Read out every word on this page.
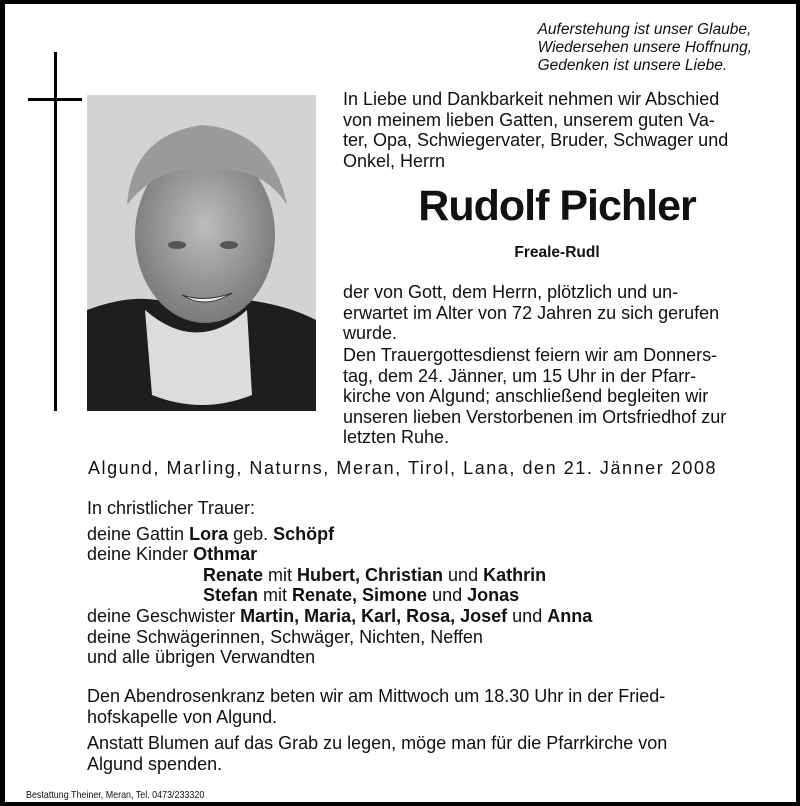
Auferstehung ist unser Glaube,
Wiedersehen unsere Hoffnung,
Gedenken ist unsere Liebe.
In Liebe und Dankbarkeit nehmen wir Abschied
von meinem lieben Gatten, unserem guten Va-
ter, Opa, Schwiegervater, Bruder, Schwager und
Onkel, Herrn
Rudolf Pichler
Freale-Rudl
der von Gott, dem Herrn, plötzlich und un-
erwartet im Alter von 72 Jahren zu sich gerufen
wurde.
Den Trauergottesdienst feiern wir am Donners-
tag, dem 24. Jänner, um 15 Uhr in der Pfarr-
kirche von Algund; anschließend begleiten wir
unseren lieben Verstorbenen im Ortsfriedhof zur
letzten Ruhe.
Algund, Marling, Naturns, Meran, Tirol, Lana, den 21. Jänner 2008
In christlicher Trauer:
deine Gattin Lora geb. Schöpf
deine Kinder Othmar
Renate mit Hubert, Christian und Kathrin
Stefan mit Renate, Simone und Jonas
deine Geschwister Martin, Maria, Karl, Rosa, Josef und Anna
deine Schwägerinnen, Schwäger, Nichten, Neffen
und alle übrigen Verwandten
Den Abendrosenkranz beten wir am Mittwoch um 18.30 Uhr in der Fried-
hofskapelle von Algund.
Anstatt Blumen auf das Grab zu legen, möge man für die Pfarrkirche von
Algund spenden.
Bestattung Theiner, Meran, Tel. 0473/233320
